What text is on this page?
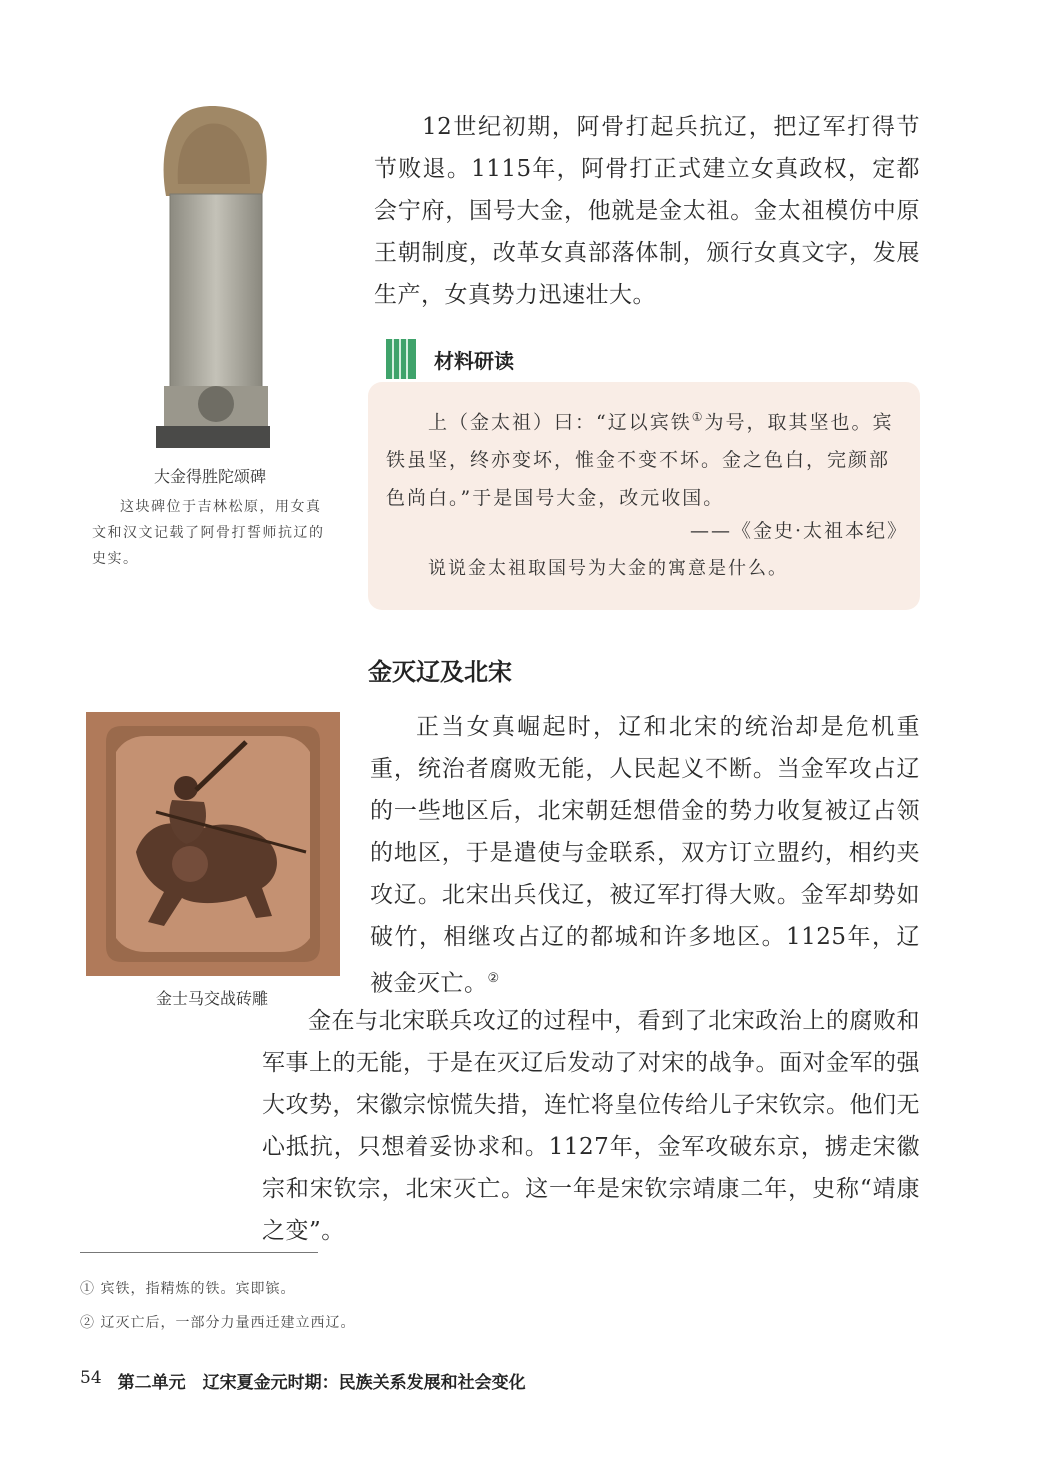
大金得胜陀颂碑
这块碑位于吉林松原，用女真文和汉文记载了阿骨打誓师抗辽的史实。

12世纪初期，阿骨打起兵抗辽，把辽军打得节节败退。1115年，阿骨打正式建立女真政权，定都会宁府，国号大金，他就是金太祖。金太祖模仿中原王朝制度，改革女真部落体制，颁行女真文字，发展生产，女真势力迅速壮大。

材料研读

上（金太祖）曰：“辽以宾铁①为号，取其坚也。宾铁虽坚，终亦变坏，惟金不变不坏。金之色白，完颜部色尚白。”于是国号大金，改元收国。

——《金史·太祖本纪》

说说金太祖取国号为大金的寓意是什么。

金灭辽及北宋
金士马交战砖雕

正当女真崛起时，辽和北宋的统治却是危机重重，统治者腐败无能，人民起义不断。当金军攻占辽的一些地区后，北宋朝廷想借金的势力收复被辽占领的地区，于是遣使与金联系，双方订立盟约，相约夹攻辽。北宋出兵伐辽，被辽军打得大败。金军却势如破竹，相继攻占辽的都城和许多地区。1125年，辽被金灭亡。②

金在与北宋联兵攻辽的过程中，看到了北宋政治上的腐败和军事上的无能，于是在灭辽后发动了对宋的战争。面对金军的强大攻势，宋徽宗惊慌失措，连忙将皇位传给儿子宋钦宗。他们无心抵抗，只想着妥协求和。1127年，金军攻破东京，掳走宋徽宗和宋钦宗，北宋灭亡。这一年是宋钦宗靖康二年，史称“靖康之变”。

① 宾铁，指精炼的铁。宾即镔。
② 辽灭亡后，一部分力量西迁建立西辽。
54 第二单元　辽宋夏金元时期：民族关系发展和社会变化
